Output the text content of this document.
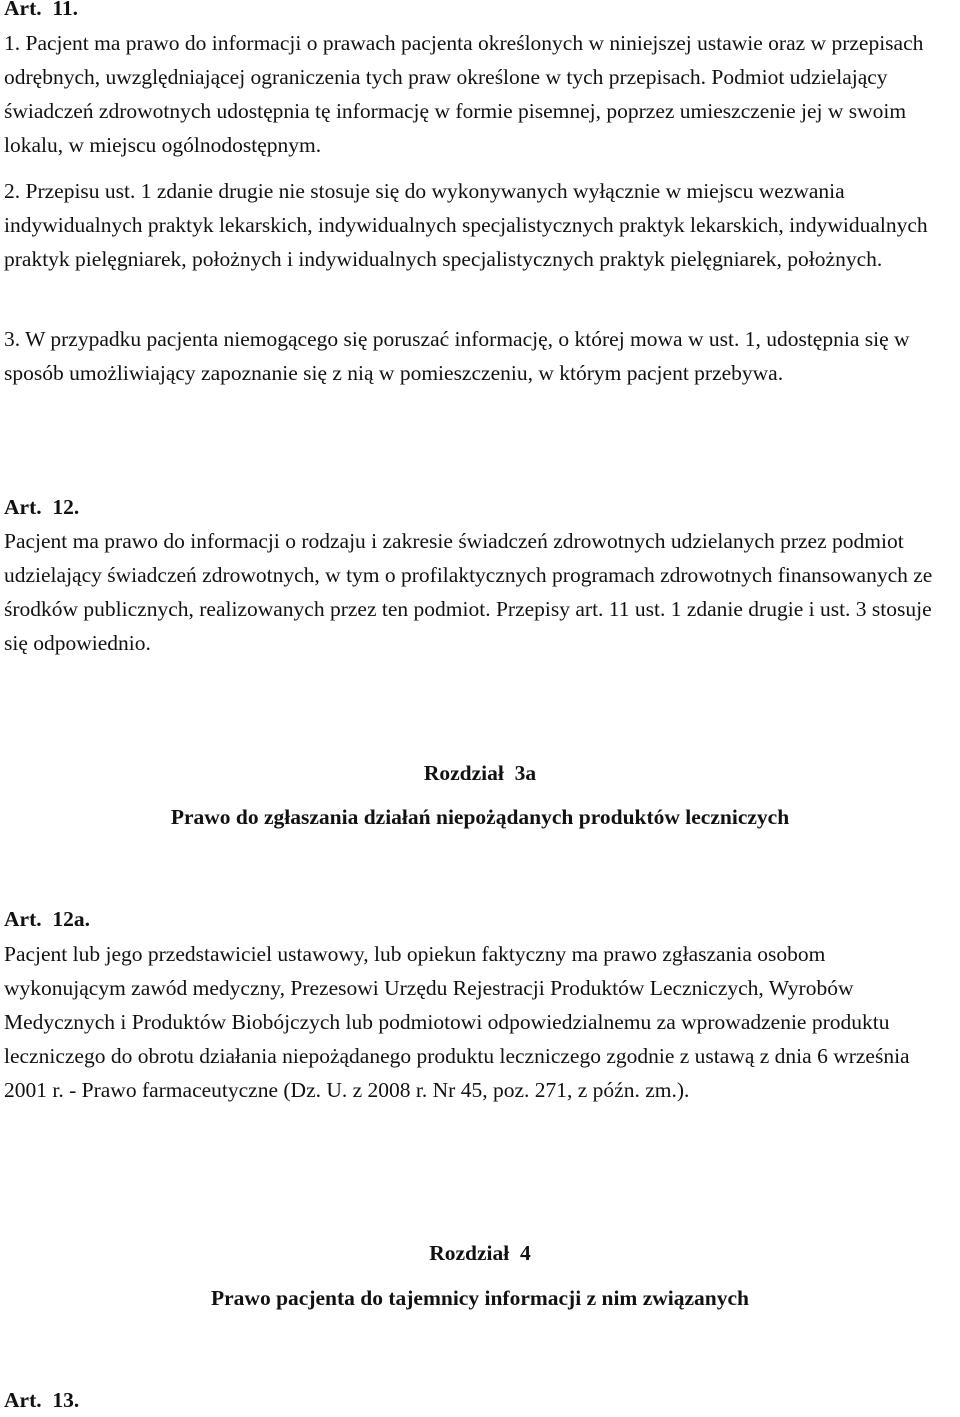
Art.  11.

1. Pacjent ma prawo do informacji o prawach pacjenta określonych w niniejszej ustawie oraz w przepisach odrębnych, uwzględniającej ograniczenia tych praw określone w tych przepisach. Podmiot udzielający świadczeń zdrowotnych udostępnia tę informację w formie pisemnej, poprzez umieszczenie jej w swoim lokalu, w miejscu ogólnodostępnym.

2. Przepisu ust. 1 zdanie drugie nie stosuje się do wykonywanych wyłącznie w miejscu wezwania indywidualnych praktyk lekarskich, indywidualnych specjalistycznych praktyk lekarskich, indywidualnych praktyk pielęgniarek, położnych i indywidualnych specjalistycznych praktyk pielęgniarek, położnych.

3. W przypadku pacjenta niemogącego się poruszać informację, o której mowa w ust. 1, udostępnia się w sposób umożliwiający zapoznanie się z nią w pomieszczeniu, w którym pacjent przebywa.

Art.  12.

Pacjent ma prawo do informacji o rodzaju i zakresie świadczeń zdrowotnych udzielanych przez podmiot udzielający świadczeń zdrowotnych, w tym o profilaktycznych programach zdrowotnych finansowanych ze środków publicznych, realizowanych przez ten podmiot. Przepisy art. 11 ust. 1 zdanie drugie i ust. 3 stosuje się odpowiednio.

Rozdział  3a

Prawo do zgłaszania działań niepożądanych produktów leczniczych

Art.  12a.

Pacjent lub jego przedstawiciel ustawowy, lub opiekun faktyczny ma prawo zgłaszania osobom wykonującym zawód medyczny, Prezesowi Urzędu Rejestracji Produktów Leczniczych, Wyrobów Medycznych i Produktów Biobójczych lub podmiotowi odpowiedzialnemu za wprowadzenie produktu leczniczego do obrotu działania niepożądanego produktu leczniczego zgodnie z ustawą z dnia 6 września 2001 r. - Prawo farmaceutyczne (Dz. U. z 2008 r. Nr 45, poz. 271, z późn. zm.).

Rozdział  4

Prawo pacjenta do tajemnicy informacji z nim związanych

Art.  13.
